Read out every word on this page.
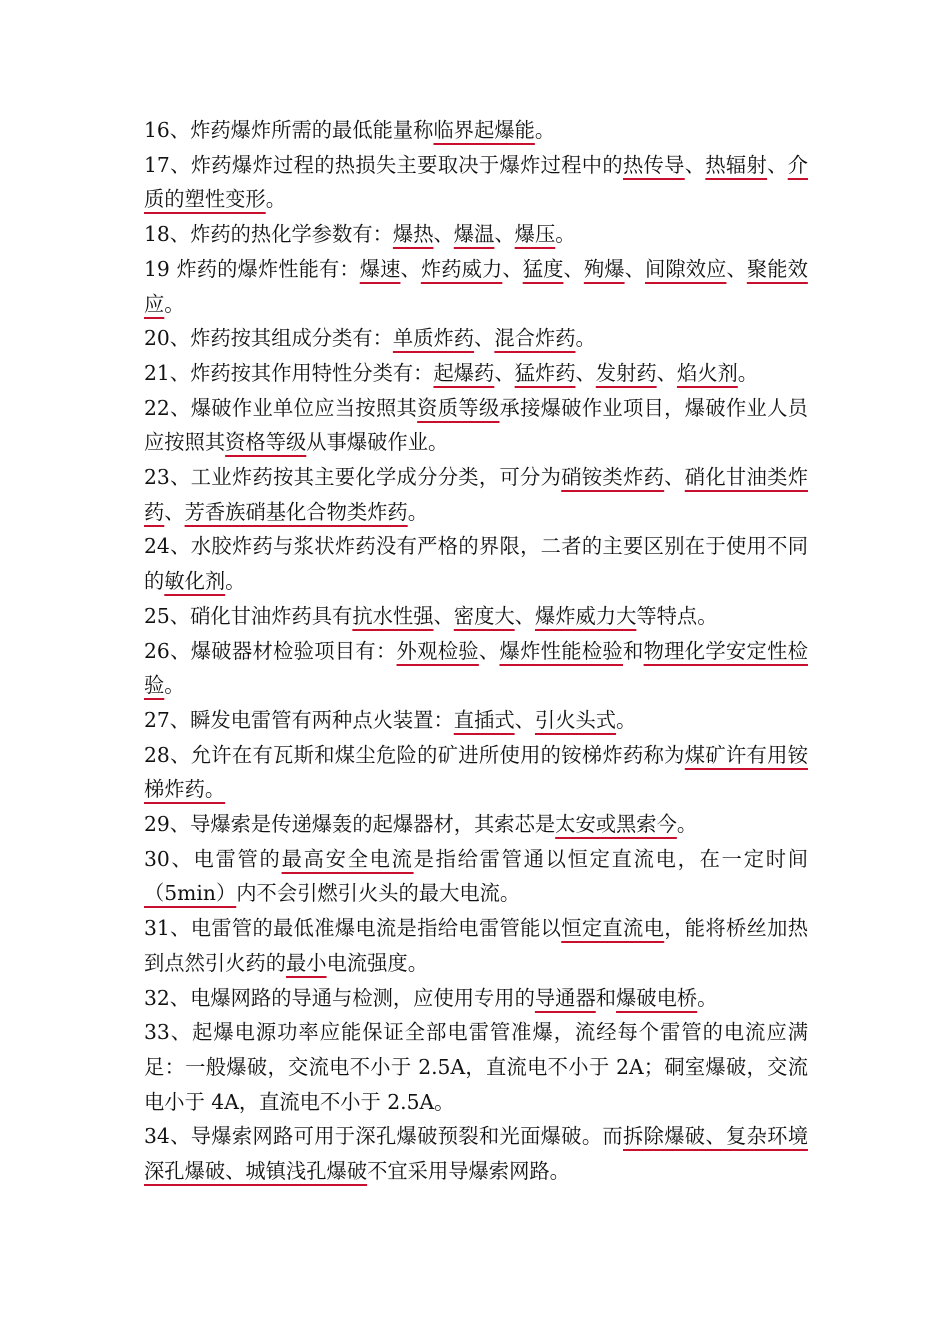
16、炸药爆炸所需的最低能量称临界起爆能。

17、炸药爆炸过程的热损失主要取决于爆炸过程中的热传导、热辐射、介质的塑性变形。

18、炸药的热化学参数有：爆热、爆温、爆压。

19 炸药的爆炸性能有：爆速、炸药威力、猛度、殉爆、间隙效应、聚能效应。

20、炸药按其组成分类有：单质炸药、混合炸药。

21、炸药按其作用特性分类有：起爆药、猛炸药、发射药、焰火剂。

22、爆破作业单位应当按照其资质等级承接爆破作业项目，爆破作业人员应按照其资格等级从事爆破作业。

23、工业炸药按其主要化学成分分类，可分为硝铵类炸药、硝化甘油类炸药、芳香族硝基化合物类炸药。

24、水胶炸药与浆状炸药没有严格的界限，二者的主要区别在于使用不同的敏化剂。

25、硝化甘油炸药具有抗水性强、密度大、爆炸威力大等特点。

26、爆破器材检验项目有：外观检验、爆炸性能检验和物理化学安定性检验。

27、瞬发电雷管有两种点火装置：直插式、引火头式。

28、允许在有瓦斯和煤尘危险的矿进所使用的铵梯炸药称为煤矿许有用铵梯炸药。

29、导爆索是传递爆轰的起爆器材，其索芯是太安或黑索今。

30、电雷管的最高安全电流是指给雷管通以恒定直流电，在一定时间（5min）内不会引燃引火头的最大电流。

31、电雷管的最低准爆电流是指给电雷管能以恒定直流电，能将桥丝加热到点然引火药的最小电流强度。

32、电爆网路的导通与检测，应使用专用的导通器和爆破电桥。

33、起爆电源功率应能保证全部电雷管准爆，流经每个雷管的电流应满足：一般爆破，交流电不小于 2.5A，直流电不小于 2A；硐室爆破，交流电小于 4A，直流电不小于 2.5A。

34、导爆索网路可用于深孔爆破预裂和光面爆破。而拆除爆破、复杂环境深孔爆破、城镇浅孔爆破不宜采用导爆索网路。
